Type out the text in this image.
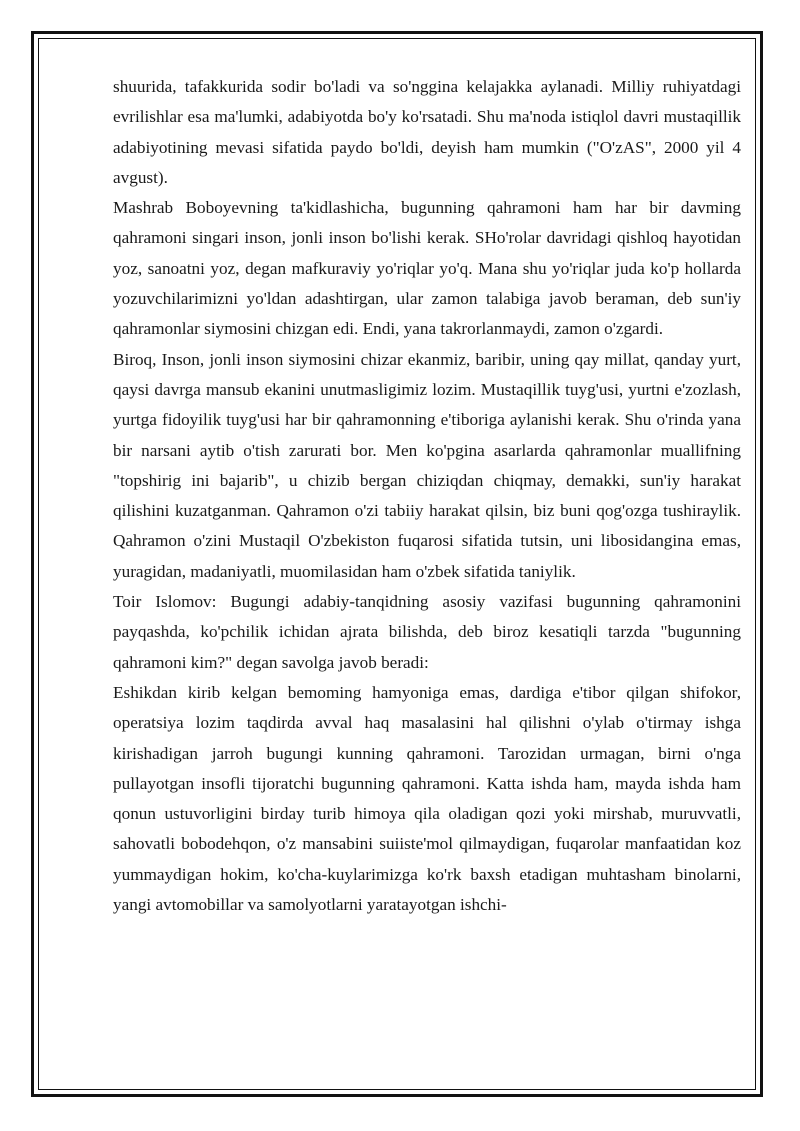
shuurida, tafakkurida sodir bo'ladi va so'nggina kelajakka aylanadi. Milliy ruhiyatdagi evrilishlar esa ma'lumki, adabiyotda bo'y ko'rsatadi. Shu ma'noda istiqlol davri mustaqillik adabiyotining mevasi sifatida paydo bo'ldi, deyish ham mumkin ("O'zAS", 2000 yil 4 avgust).

Mashrab Boboyevning ta'kidlashicha, bugunning qahramoni ham har bir davming qahramoni singari inson, jonli inson bo'lishi kerak. SHo'rolar davridagi qishloq hayotidan yoz, sanoatni yoz, degan mafkuraviy yo'riqlar yo'q. Mana shu yo'riqlar juda ko'p hollarda yozuvchilarimizni yo'ldan adashtirgan, ular zamon talabiga javob beraman, deb sun'iy qahramonlar siymosini chizgan edi. Endi, yana takrorlanmaydi, zamon o'zgardi.

Biroq, Inson, jonli inson siymosini chizar ekanmiz, baribir, uning qay millat, qanday yurt, qaysi davrga mansub ekanini unutmasligimiz lozim. Mustaqillik tuyg'usi, yurtni e'zozlash, yurtga fidoyilik tuyg'usi har bir qahramonning e'tiboriga aylanishi kerak. Shu o'rinda yana bir narsani aytib o'tish zarurati bor. Men ko'pgina asarlarda qahramonlar muallifning "topshirig ini bajarib", u chizib bergan chiziqdan chiqmay, demakki, sun'iy harakat qilishini kuzatganman. Qahramon o'zi tabiiy harakat qilsin, biz buni qog'ozga tushiraylik. Qahramon o'zini Mustaqil O'zbekiston fuqarosi sifatida tutsin, uni libosidangina emas, yuragidan, madaniyatli, muomilasidan ham o'zbek sifatida taniylik.

Toir Islomov: Bugungi adabiy-tanqidning asosiy vazifasi bugunning qahramonini payqashda, ko'pchilik ichidan ajrata bilishda, deb biroz kesatiqli tarzda "bugunning qahramoni kim?" degan savolga javob beradi:

Eshikdan kirib kelgan bemoming hamyoniga emas, dardiga e'tibor qilgan shifokor, operatsiya lozim taqdirda avval haq masalasini hal qilishni o'ylab o'tirmay ishga kirishadigan jarroh bugungi kunning qahramoni. Tarozidan urmagan, birni o'nga pullayotgan insofli tijoratchi bugunning qahramoni. Katta ishda ham, mayda ishda ham qonun ustuvorligini birday turib himoya qila oladigan qozi yoki mirshab, muruvvatli, sahovatli bobodehqon, o'z mansabini suiiste'mol qilmaydigan, fuqarolar manfaatidan koz yummaydigan hokim, ko'cha-kuylarimizga ko'rk baxsh etadigan muhtasham binolarni, yangi avtomobillar va samolyotlarni yaratayotgan ishchi-
